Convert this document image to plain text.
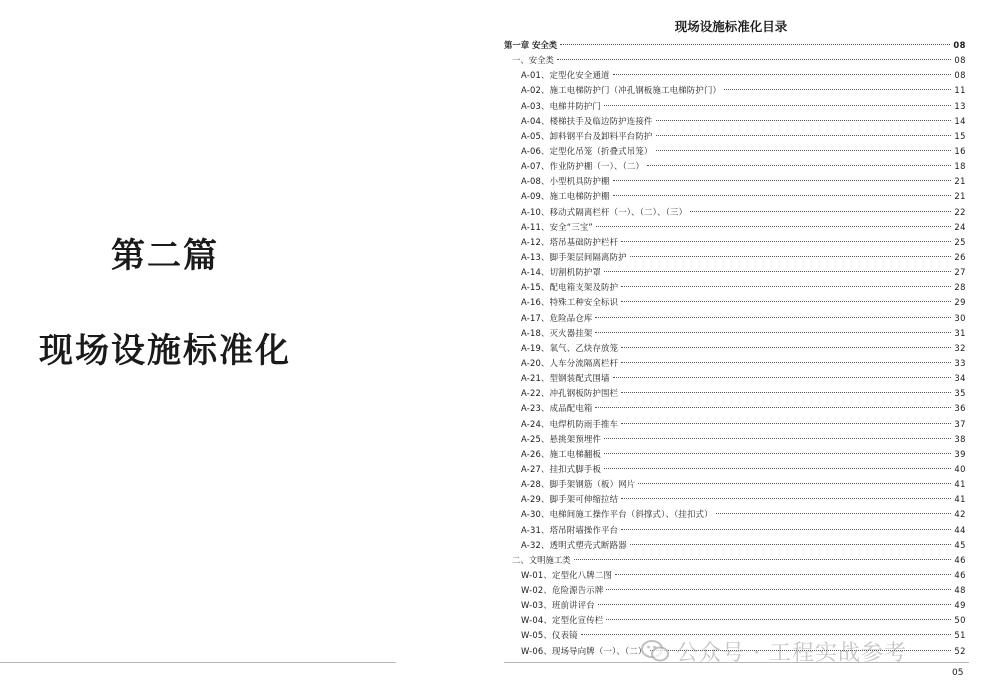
第二篇
现场设施标准化
现场设施标准化目录
第一章 安全类	08
一、安全类	08
A-01、定型化安全通道	08
A-02、施工电梯防护门（冲孔钢板施工电梯防护门）	11
A-03、电梯井防护门	13
A-04、楼梯扶手及临边防护连接件	14
A-05、卸料钢平台及卸料平台防护	15
A-06、定型化吊笼（折叠式吊笼）	16
A-07、作业防护棚（一）、（二）	18
A-08、小型机具防护棚	21
A-09、施工电梯防护棚	21
A-10、移动式隔离栏杆（一）、（二）、（三）	22
A-11、安全“三宝”	24
A-12、塔吊基础防护栏杆	25
A-13、脚手架层间隔离防护	26
A-14、切割机防护罩	27
A-15、配电箱支架及防护	28
A-16、特殊工种安全标识	29
A-17、危险品仓库	30
A-18、灭火器挂架	31
A-19、氧气、乙炔存放笼	32
A-20、人车分流隔离栏杆	33
A-21、型钢装配式围墙	34
A-22、冲孔钢板防护围栏	35
A-23、成品配电箱	36
A-24、电焊机防雨手推车	37
A-25、悬挑架预埋件	38
A-26、施工电梯翻板	39
A-27、挂扣式脚手板	40
A-28、脚手架钢筋（板）网片	41
A-29、脚手架可伸缩拉结	41
A-30、电梯间施工操作平台（斜撑式）、（挂扣式）	42
A-31、塔吊附墙操作平台	44
A-32、透明式塑壳式断路器	45
二、文明施工类	46
W-01、定型化八牌二图	46
W-02、危险源告示牌	48
W-03、班前讲评台	49
W-04、定型化宣传栏	50
W-05、仪表镜	51
W-06、现场导向牌（一）、（二）	52
05
公众号 · 工程实战参考
